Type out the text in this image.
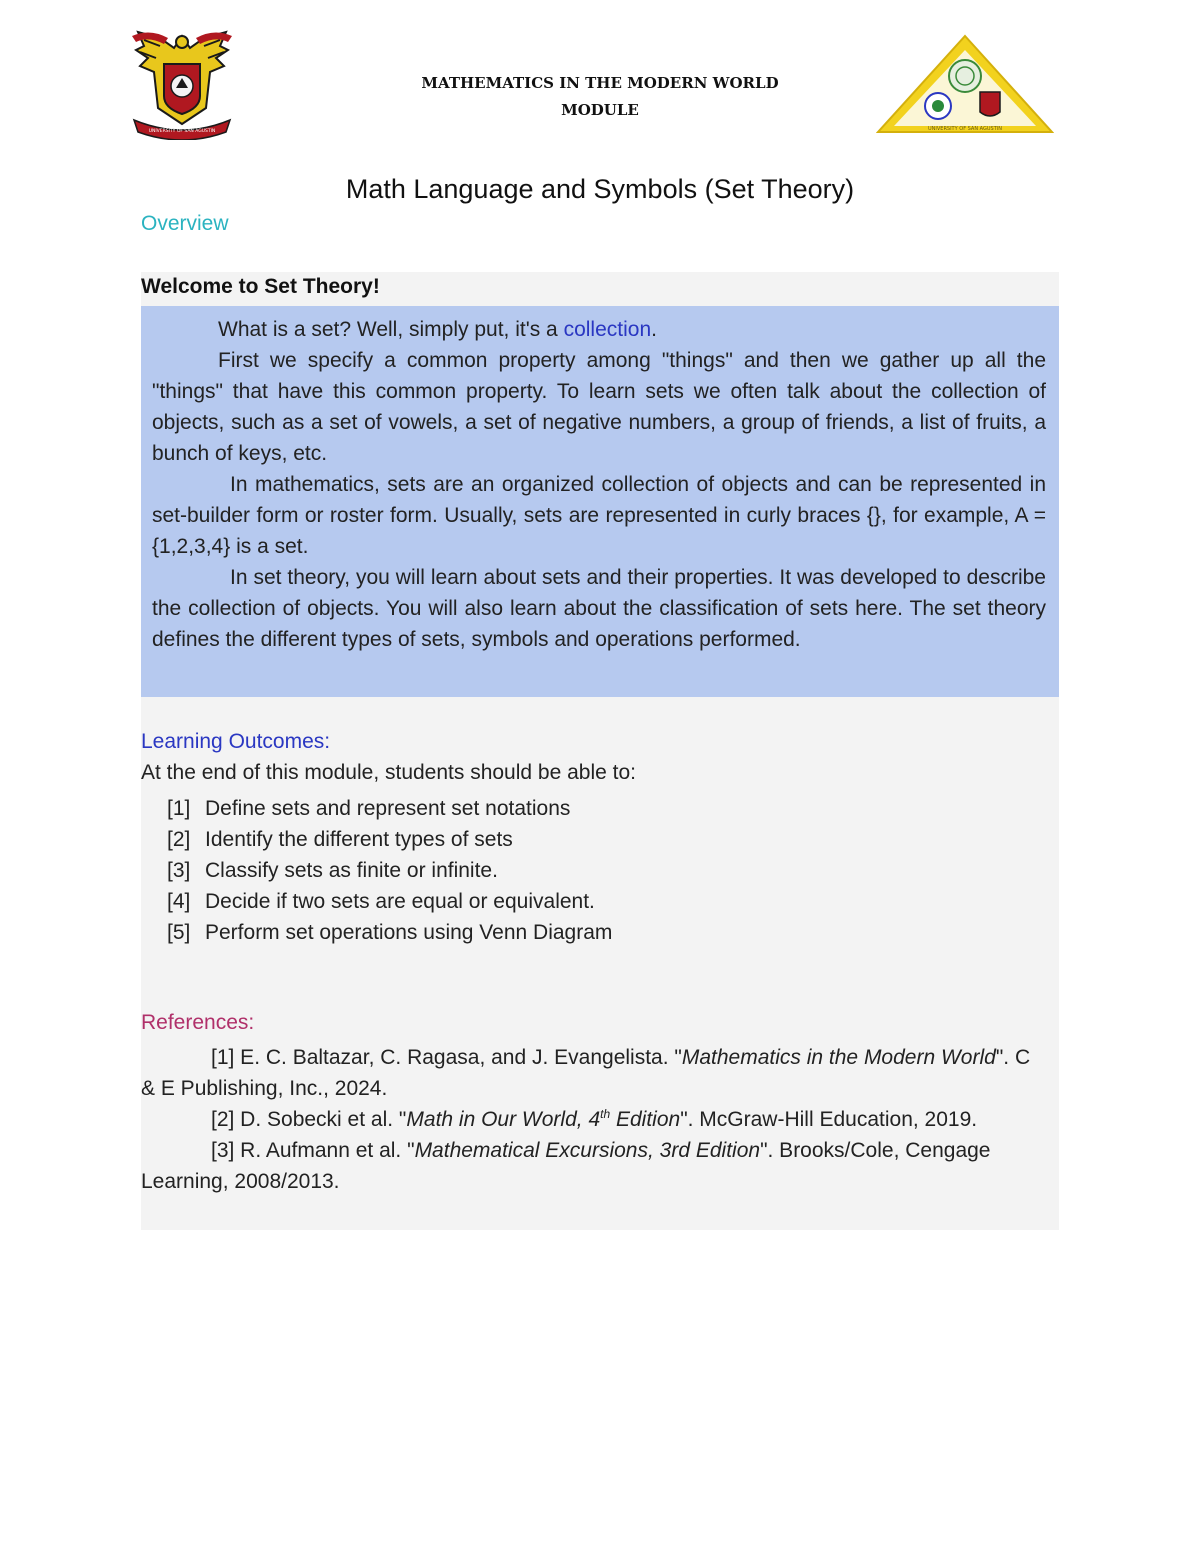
UNIVERSITY OF SAN AGUSTIN	UNIVERSITY OF SAN AGUSTIN
MATHEMATICS IN THE MODERN WORLD
MODULE
Math Language and Symbols (Set Theory)
Overview
Welcome to Set Theory!

What is a set? Well, simply put, it's a collection.

First we specify a common property among "things" and then we gather up all the "things" that have this common property. To learn sets we often talk about the collection of objects, such as a set of vowels, a set of negative numbers, a group of friends, a list of fruits, a bunch of keys, etc.

In mathematics, sets are an organized collection of objects and can be represented in set-builder form or roster form. Usually, sets are represented in curly braces {}, for example, A = {1,2,3,4} is a set.

In set theory, you will learn about sets and their properties. It was developed to describe the collection of objects. You will also learn about the classification of sets here. The set theory defines the different types of sets, symbols and operations performed.

Learning Outcomes:
At the end of this module, students should be able to:
[1] Define sets and represent set notations
[2] Identify the different types of sets
[3] Classify sets as finite or infinite.
[4] Decide if two sets are equal or equivalent.
[5] Perform set operations using Venn Diagram
References:

[1] E. C. Baltazar, C. Ragasa, and J. Evangelista. "Mathematics in the Modern World". C & E Publishing, Inc., 2024.

[2] D. Sobecki et al. "Math in Our World, 4th Edition". McGraw-Hill Education, 2019.

[3] R. Aufmann et al. "Mathematical Excursions, 3rd Edition". Brooks/Cole, Cengage Learning, 2008/2013.
